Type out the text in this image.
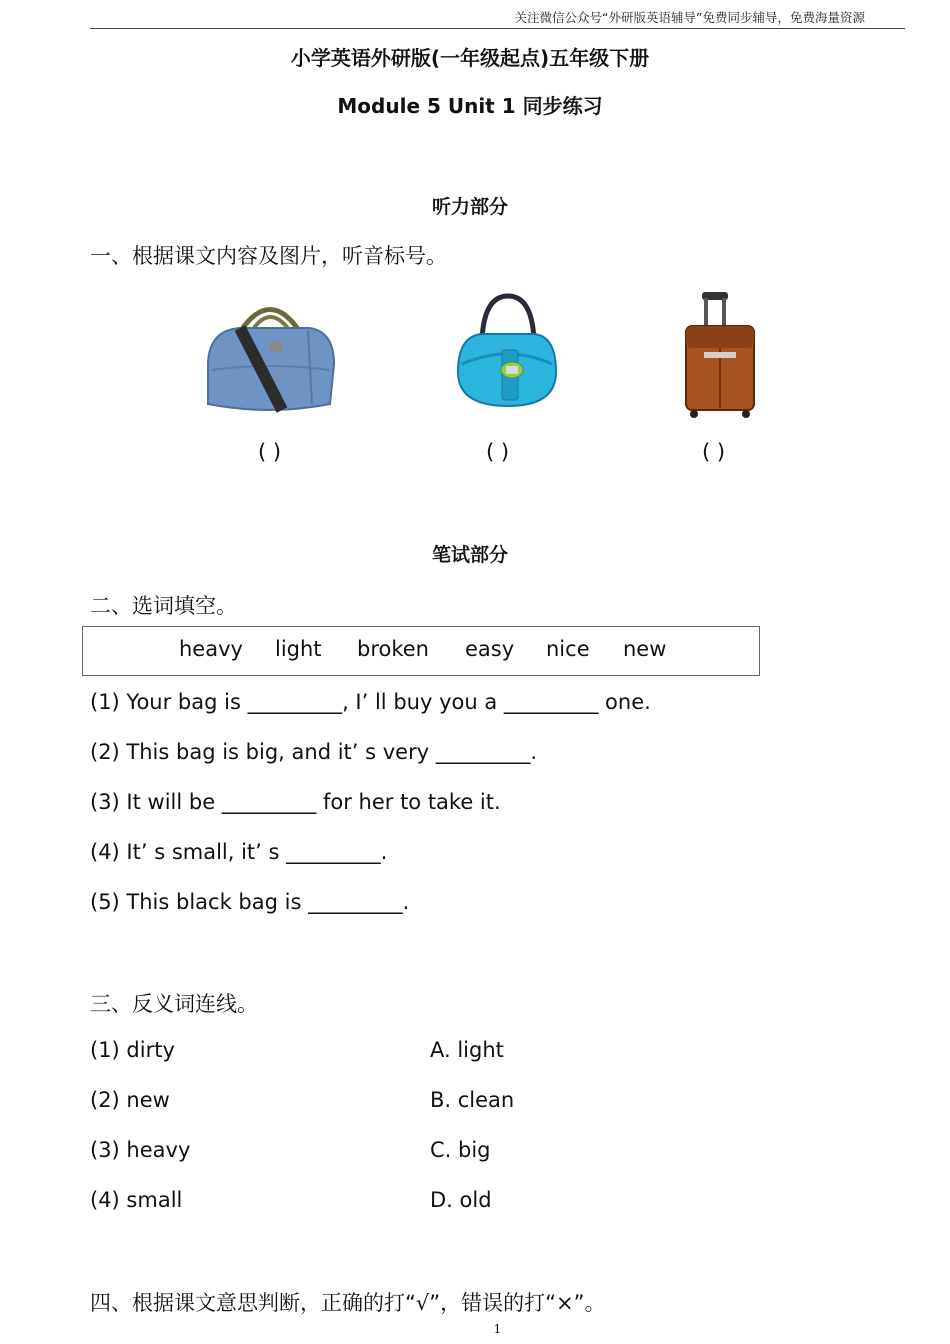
关注微信公众号“外研版英语辅导”免费同步辅导，免费海量资源
小学英语外研版(一年级起点)五年级下册
Module 5 Unit 1 同步练习
听力部分
一、根据课文内容及图片，听音标号。
( )	( )	( )
笔试部分
二、选词填空。
heavy light broken easy nice new
(1) Your bag is _________, I’ ll buy you a _________ one.
(2) This bag is big, and it’ s very _________.
(3) It will be _________ for her to take it.
(4) It’ s small, it’ s _________.
(5) This black bag is _________.
三、反义词连线。
(1) dirty
(2) new
(3) heavy
(4) small
A. light
B. clean
C. big
D. old
四、根据课文意思判断，正确的打“√”，错误的打“×”。
1
